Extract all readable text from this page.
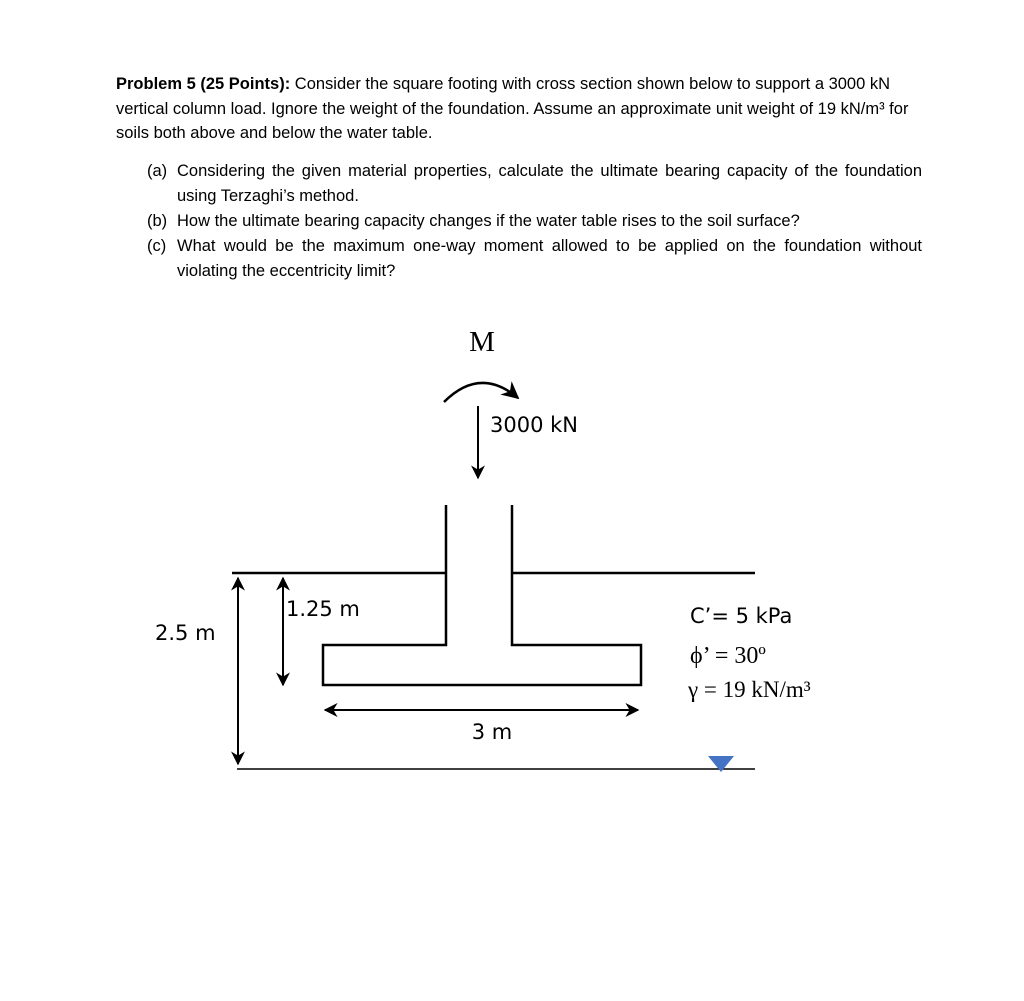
Problem 5 (25 Points): Consider the square footing with cross section shown below to support a 3000 kN vertical column load. Ignore the weight of the foundation. Assume an approximate unit weight of 19 kN/m³ for soils both above and below the water table.

(a) Considering the given material properties, calculate the ultimate bearing capacity of the foundation using Terzaghi’s method.
(b) How the ultimate bearing capacity changes if the water table rises to the soil surface?
(c) What would be the maximum one-way moment allowed to be applied on the foundation without violating the eccentricity limit?
M
3000 kN
2.5 m
1.25 m
3 m
C’= 5 kPa
ϕ’ = 30º
γ = 19 kN/m³
